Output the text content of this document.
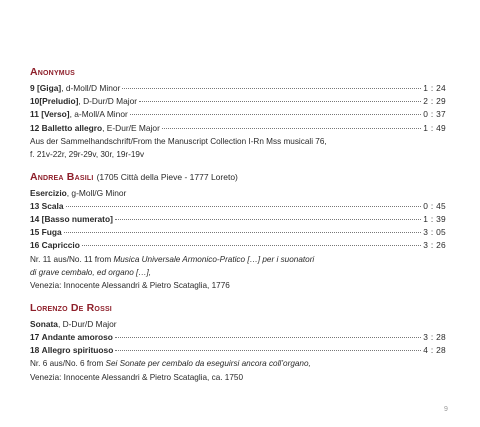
Anonymus
9 [Giga], d-Moll/D Minor	1 : 24
10[Preludio], D-Dur/D Major	2 : 29
11 [Verso], a-Moll/A Minor	0 : 37
12 Balletto allegro, E-Dur/E Major	1 : 49
Aus der Sammelhandschrift/From the Manuscript Collection I-Rn Mss musicali 76,
f. 21v-22r, 29r-29v, 30r, 19r-19v
Andrea Basili (1705 Città della Pieve - 1777 Loreto)
Esercizio, g-Moll/G Minor
13 Scala	0 : 45
14 [Basso numerato]	1 : 39
15 Fuga	3 : 05
16 Capriccio	3 : 26
Nr. 11 aus/No. 11 from Musica Universale Armonico-Pratico […] per i suonatori
di grave cembalo, ed organo […],
Venezia: Innocente Alessandri & Pietro Scataglia, 1776
Lorenzo De Rossi
Sonata, D-Dur/D Major
17 Andante amoroso	3 : 28
18 Allegro spirituoso	4 : 28
Nr. 6 aus/No. 6 from Sei Sonate per cembalo da eseguirsi ancora coll’organo,
Venezia: Innocente Alessandri & Pietro Scataglia, ca. 1750
9
